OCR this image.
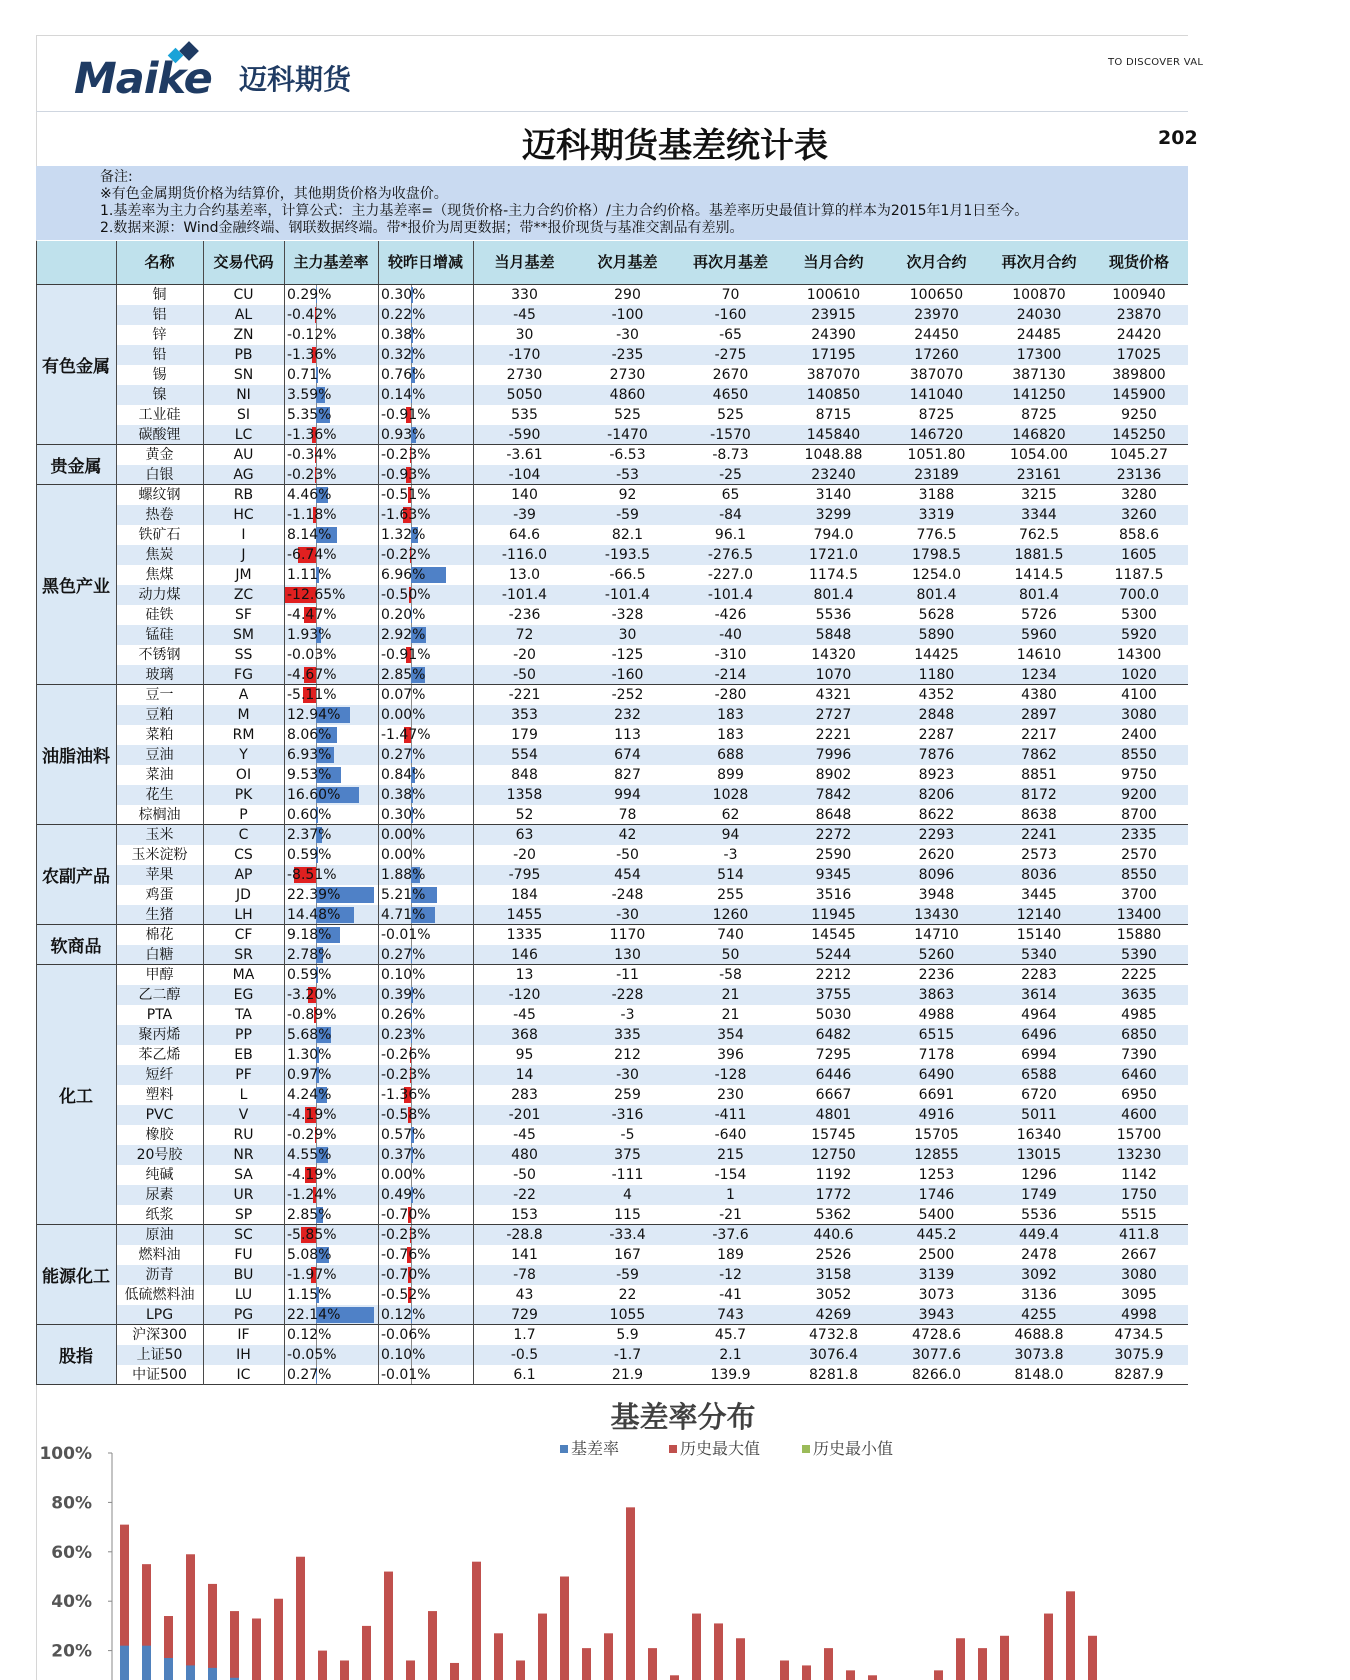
Maike 迈科期货
TO DISCOVER VAL
迈科期货基差统计表	202
备注:
※有色金属期货价格为结算价，其他期货价格为收盘价。
1.基差率为主力合约基差率，计算公式：主力基差率=（现货价格-主力合约价格）/主力合约价格。基差率历史最值计算的样本为2015年1月1日至今。
2.数据来源：Wind金融终端、钢联数据终端。带*报价为周更数据；带**报价现货与基准交割品有差别。
名称	交易代码	主力基差率	较昨日增减	当月基差	次月基差	再次月基差	当月合约	次月合约	再次月合约	现货价格
有色金属
铜	CU	0.29%	0.30%	330	290	70	100610	100650	100870	100940
铝	AL	-0.42%	0.22%	-45	-100	-160	23915	23970	24030	23870
锌	ZN	-0.12%	0.38%	30	-30	-65	24390	24450	24485	24420
铅	PB	-1.36%	0.32%	-170	-235	-275	17195	17260	17300	17025
锡	SN	0.71%	0.76%	2730	2730	2670	387070	387070	387130	389800
镍	NI	3.59%	0.14%	5050	4860	4650	140850	141040	141250	145900
工业硅	SI	5.35%	-0.91%	535	525	525	8715	8725	8725	9250
碳酸锂	LC	-1.36%	0.93%	-590	-1470	-1570	145840	146720	146820	145250
贵金属
黄金	AU	-0.34%	-0.23%	-3.61	-6.53	-8.73	1048.88	1051.80	1054.00	1045.27
白银	AG	-0.23%	-0.93%	-104	-53	-25	23240	23189	23161	23136
黑色产业
螺纹钢	RB	4.46%	-0.51%	140	92	65	3140	3188	3215	3280
热卷	HC	-1.18%	-1.63%	-39	-59	-84	3299	3319	3344	3260
铁矿石	I	8.14%	1.32%	64.6	82.1	96.1	794.0	776.5	762.5	858.6
焦炭	J	-6.74%	-0.22%	-116.0	-193.5	-276.5	1721.0	1798.5	1881.5	1605
焦煤	JM	1.11%	6.96%	13.0	-66.5	-227.0	1174.5	1254.0	1414.5	1187.5
动力煤	ZC	-12.65%	-0.50%	-101.4	-101.4	-101.4	801.4	801.4	801.4	700.0
硅铁	SF	-4.47%	0.20%	-236	-328	-426	5536	5628	5726	5300
锰硅	SM	1.93%	2.92%	72	30	-40	5848	5890	5960	5920
不锈钢	SS	-0.03%	-0.91%	-20	-125	-310	14320	14425	14610	14300
玻璃	FG	-4.67%	2.85%	-50	-160	-214	1070	1180	1234	1020
油脂油料
豆一	A	-5.11%	0.07%	-221	-252	-280	4321	4352	4380	4100
豆粕	M	12.94%	0.00%	353	232	183	2727	2848	2897	3080
菜粕	RM	8.06%	-1.47%	179	113	183	2221	2287	2217	2400
豆油	Y	6.93%	0.27%	554	674	688	7996	7876	7862	8550
菜油	OI	9.53%	0.84%	848	827	899	8902	8923	8851	9750
花生	PK	16.60%	0.38%	1358	994	1028	7842	8206	8172	9200
棕榈油	P	0.60%	0.30%	52	78	62	8648	8622	8638	8700
农副产品
玉米	C	2.37%	0.00%	63	42	94	2272	2293	2241	2335
玉米淀粉	CS	0.59%	0.00%	-20	-50	-3	2590	2620	2573	2570
苹果	AP	-8.51%	1.88%	-795	454	514	9345	8096	8036	8550
鸡蛋	JD	22.39%	5.21%	184	-248	255	3516	3948	3445	3700
生猪	LH	14.48%	4.71%	1455	-30	1260	11945	13430	12140	13400
软商品
棉花	CF	9.18%	-0.01%	1335	1170	740	14545	14710	15140	15880
白糖	SR	2.78%	0.27%	146	130	50	5244	5260	5340	5390
化工
甲醇	MA	0.59%	0.10%	13	-11	-58	2212	2236	2283	2225
乙二醇	EG	-3.20%	0.39%	-120	-228	21	3755	3863	3614	3635
PTA	TA	-0.89%	0.26%	-45	-3	21	5030	4988	4964	4985
聚丙烯	PP	5.68%	0.23%	368	335	354	6482	6515	6496	6850
苯乙烯	EB	1.30%	-0.26%	95	212	396	7295	7178	6994	7390
短纤	PF	0.97%	-0.23%	14	-30	-128	6446	6490	6588	6460
塑料	L	4.24%	-1.36%	283	259	230	6667	6691	6720	6950
PVC	V	-4.19%	-0.58%	-201	-316	-411	4801	4916	5011	4600
橡胶	RU	-0.29%	0.57%	-45	-5	-640	15745	15705	16340	15700
20号胶	NR	4.55%	0.37%	480	375	215	12750	12855	13015	13230
纯碱	SA	-4.19%	0.00%	-50	-111	-154	1192	1253	1296	1142
尿素	UR	-1.24%	0.49%	-22	4	1	1772	1746	1749	1750
纸浆	SP	2.85%	-0.70%	153	115	-21	5362	5400	5536	5515
能源化工
原油	SC	-5.85%	-0.23%	-28.8	-33.4	-37.6	440.6	445.2	449.4	411.8
燃料油	FU	5.08%	-0.76%	141	167	189	2526	2500	2478	2667
沥青	BU	-1.97%	-0.70%	-78	-59	-12	3158	3139	3092	3080
低硫燃料油	LU	1.15%	-0.52%	43	22	-41	3052	3073	3136	3095
LPG	PG	22.14%	0.12%	729	1055	743	4269	3943	4255	4998
股指
沪深300	IF	0.12%	-0.06%	1.7	5.9	45.7	4732.8	4728.6	4688.8	4734.5
上证50	IH	-0.05%	0.10%	-0.5	-1.7	2.1	3076.4	3077.6	3073.8	3075.9
中证500	IC	0.27%	-0.01%	6.1	21.9	139.9	8281.8	8266.0	8148.0	8287.9
基差率分布
基差率	历史最大值	历史最小值
20%
40%
60%
80%
100%
